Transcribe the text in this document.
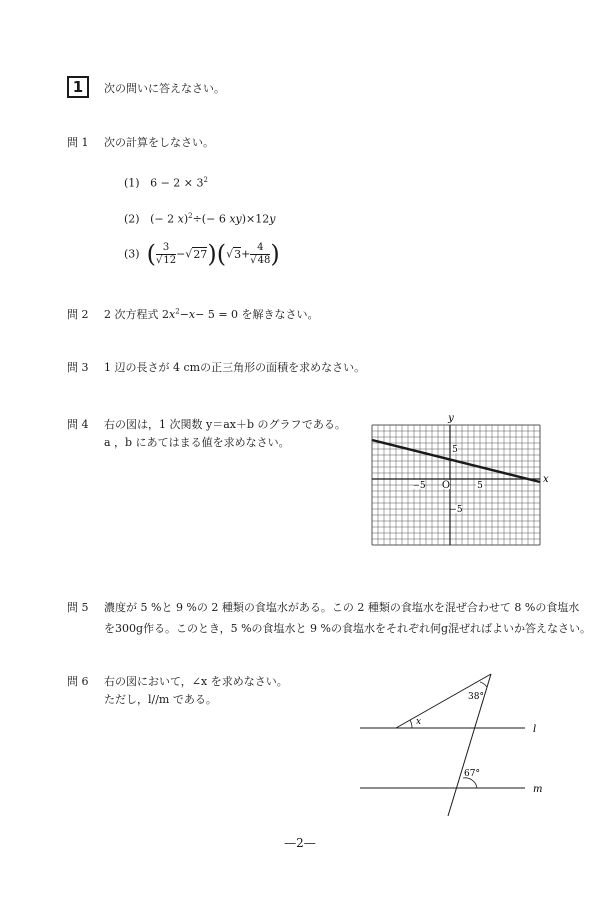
1	次の問いに答えなさい。
問 1 次の計算をしなさい。
(1) $6 - 2 \times 3^2$
(2) (− 2 x)$^2$÷(− 6 xy)×12y
(3) ( $\frac{3}{√12} -√27)(√3+ \frac{4}{√48}$ )
問 2 2 次方程式 $2x^2-x- 5 = 0$ を解きなさい。
問 3 1 辺の長さが 4 cmの正三角形の面積を求めなさい。
問 4 右の図は，1 次関数 y＝ax＋b のグラフである。
a ，b にあてはまる値を求めなさい。
x
y
O	5
−5
5
−5
問 5 濃度が 5 %と 9 %の 2 種類の食塩水がある。この 2 種類の食塩水を混ぜ合わせて 8 %の食塩水
を300g作る。このとき，5 %の食塩水と 9 %の食塩水をそれぞれ何g混ぜればよいか答えなさい。
問 6 右の図において，∠x を求めなさい。
ただし，l//m である。	38°
x
67°
l
m
—2—
